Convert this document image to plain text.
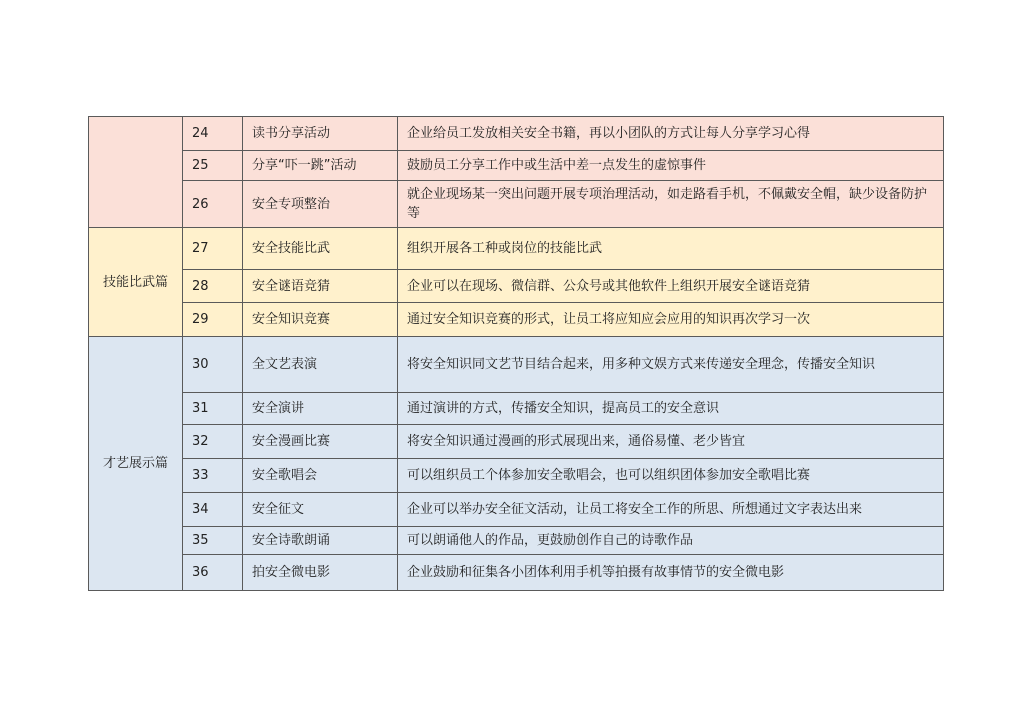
	24	读书分享活动	企业给员工发放相关安全书籍，再以小团队的方式让每人分享学习心得
	25	分享“吓一跳”活动	鼓励员工分享工作中或生活中差一点发生的虚惊事件
	26	安全专项整治	就企业现场某一突出问题开展专项治理活动，如走路看手机，不佩戴安全帽，缺少设备防护等
技能比武篇	27	安全技能比武	组织开展各工种或岗位的技能比武
	28	安全谜语竞猜	企业可以在现场、微信群、公众号或其他软件上组织开展安全谜语竞猜
	29	安全知识竞赛	通过安全知识竞赛的形式，让员工将应知应会应用的知识再次学习一次
才艺展示篇	30	全文艺表演	将安全知识同文艺节目结合起来，用多种文娱方式来传递安全理念，传播安全知识
	31	安全演讲	通过演讲的方式，传播安全知识，提高员工的安全意识
	32	安全漫画比赛	将安全知识通过漫画的形式展现出来，通俗易懂、老少皆宜
	33	安全歌唱会	可以组织员工个体参加安全歌唱会，也可以组织团体参加安全歌唱比赛
	34	安全征文	企业可以举办安全征文活动，让员工将安全工作的所思、所想通过文字表达出来
	35	安全诗歌朗诵	可以朗诵他人的作品，更鼓励创作自己的诗歌作品
	36	拍安全微电影	企业鼓励和征集各小团体利用手机等拍摄有故事情节的安全微电影
